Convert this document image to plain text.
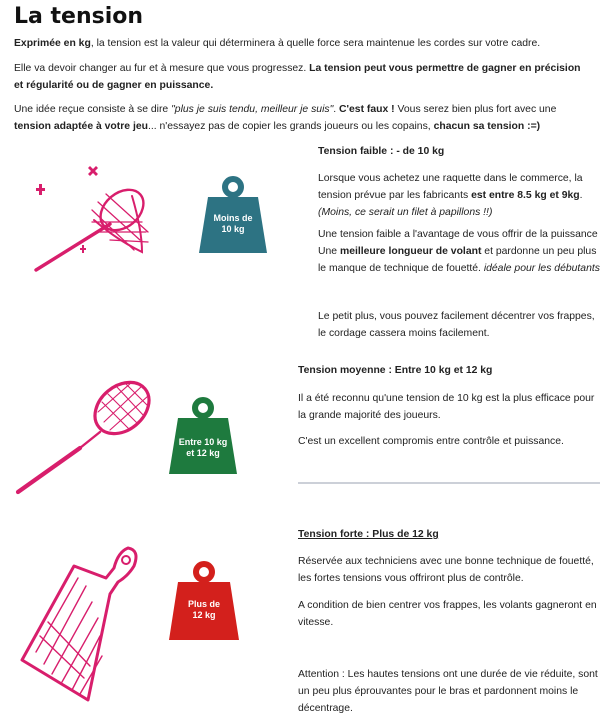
La tension

Exprimée en kg, la tension est la valeur qui déterminera à quelle force sera maintenue les cordes sur votre cadre.

Elle va devoir changer au fur et à mesure que vous progressez. La tension peut vous permettre de gagner en précision et régularité ou de gagner en puissance.

Une idée reçue consiste à se dire "plus je suis tendu, meilleur je suis". C'est faux ! Vous serez bien plus fort avec une tension adaptée à votre jeu... n'essayez pas de copier les grands joueurs ou les copains, chacun sa tension :=)

Moins de
10 kg

Tension faible : - de 10 kg

Lorsque vous achetez une raquette dans le commerce, la tension prévue par les fabricants est entre 8.5 kg et 9kg. (Moins, ce serait un filet à papillons !!)

Une tension faible a l'avantage de vous offrir de la puissance Une meilleure longueur de volant et pardonne un peu plus le manque de technique de fouetté. idéale pour les débutants

Le petit plus, vous pouvez facilement décentrer vos frappes, le cordage cassera moins facilement.

Entre 10 kg
et 12 kg

Tension moyenne : Entre 10 kg et 12 kg

Il a été reconnu qu'une tension de 10 kg est la plus efficace pour la grande majorité des joueurs.

C'est un excellent compromis entre contrôle et puissance.

Plus de
12 kg

Tension forte : Plus de 12 kg

Réservée aux techniciens avec une bonne technique de fouetté, les fortes tensions vous offriront plus de contrôle.

A condition de bien centrer vos frappes, les volants gagneront en vitesse.

Attention : Les hautes tensions ont une durée de vie réduite, sont un peu plus éprouvantes pour le bras et pardonnent moins le décentrage.
